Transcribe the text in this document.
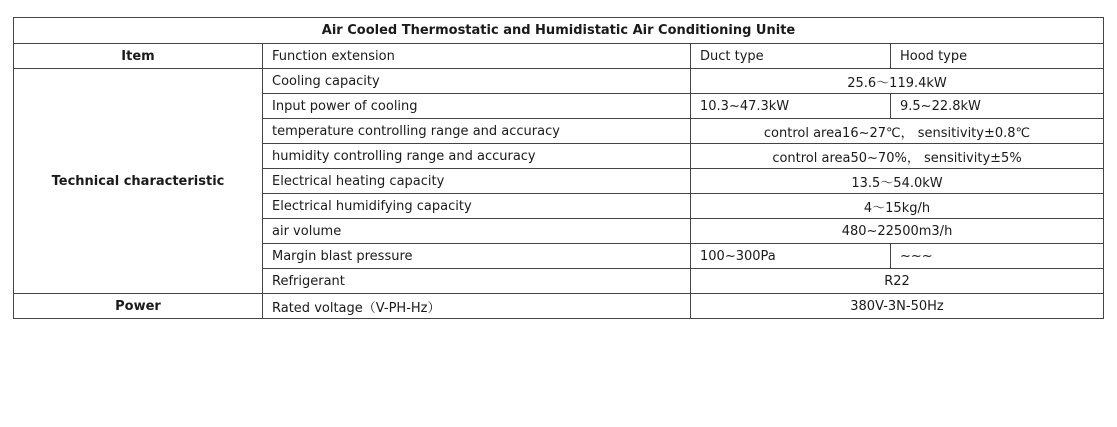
Air Cooled Thermostatic and Humidistatic Air Conditioning Unite			
Item	Function extension	Duct type	Hood type
Technical characteristic	Cooling capacity	25.6～119.4kW	
	Input power of cooling	10.3~47.3kW	9.5~22.8kW
	temperature controlling range and accuracy	control area16~27℃， sensitivity±0.8℃	
	humidity controlling range and accuracy	control area50~70%， sensitivity±5%	
	Electrical heating capacity	13.5～54.0kW	
	Electrical humidifying capacity	4～15kg/h	
	air volume	480~22500m3/h	
	Margin blast pressure	100~300Pa	~~~
	Refrigerant	R22	
Power	Rated voltage（V-PH-Hz）	380V-3N-50Hz	
